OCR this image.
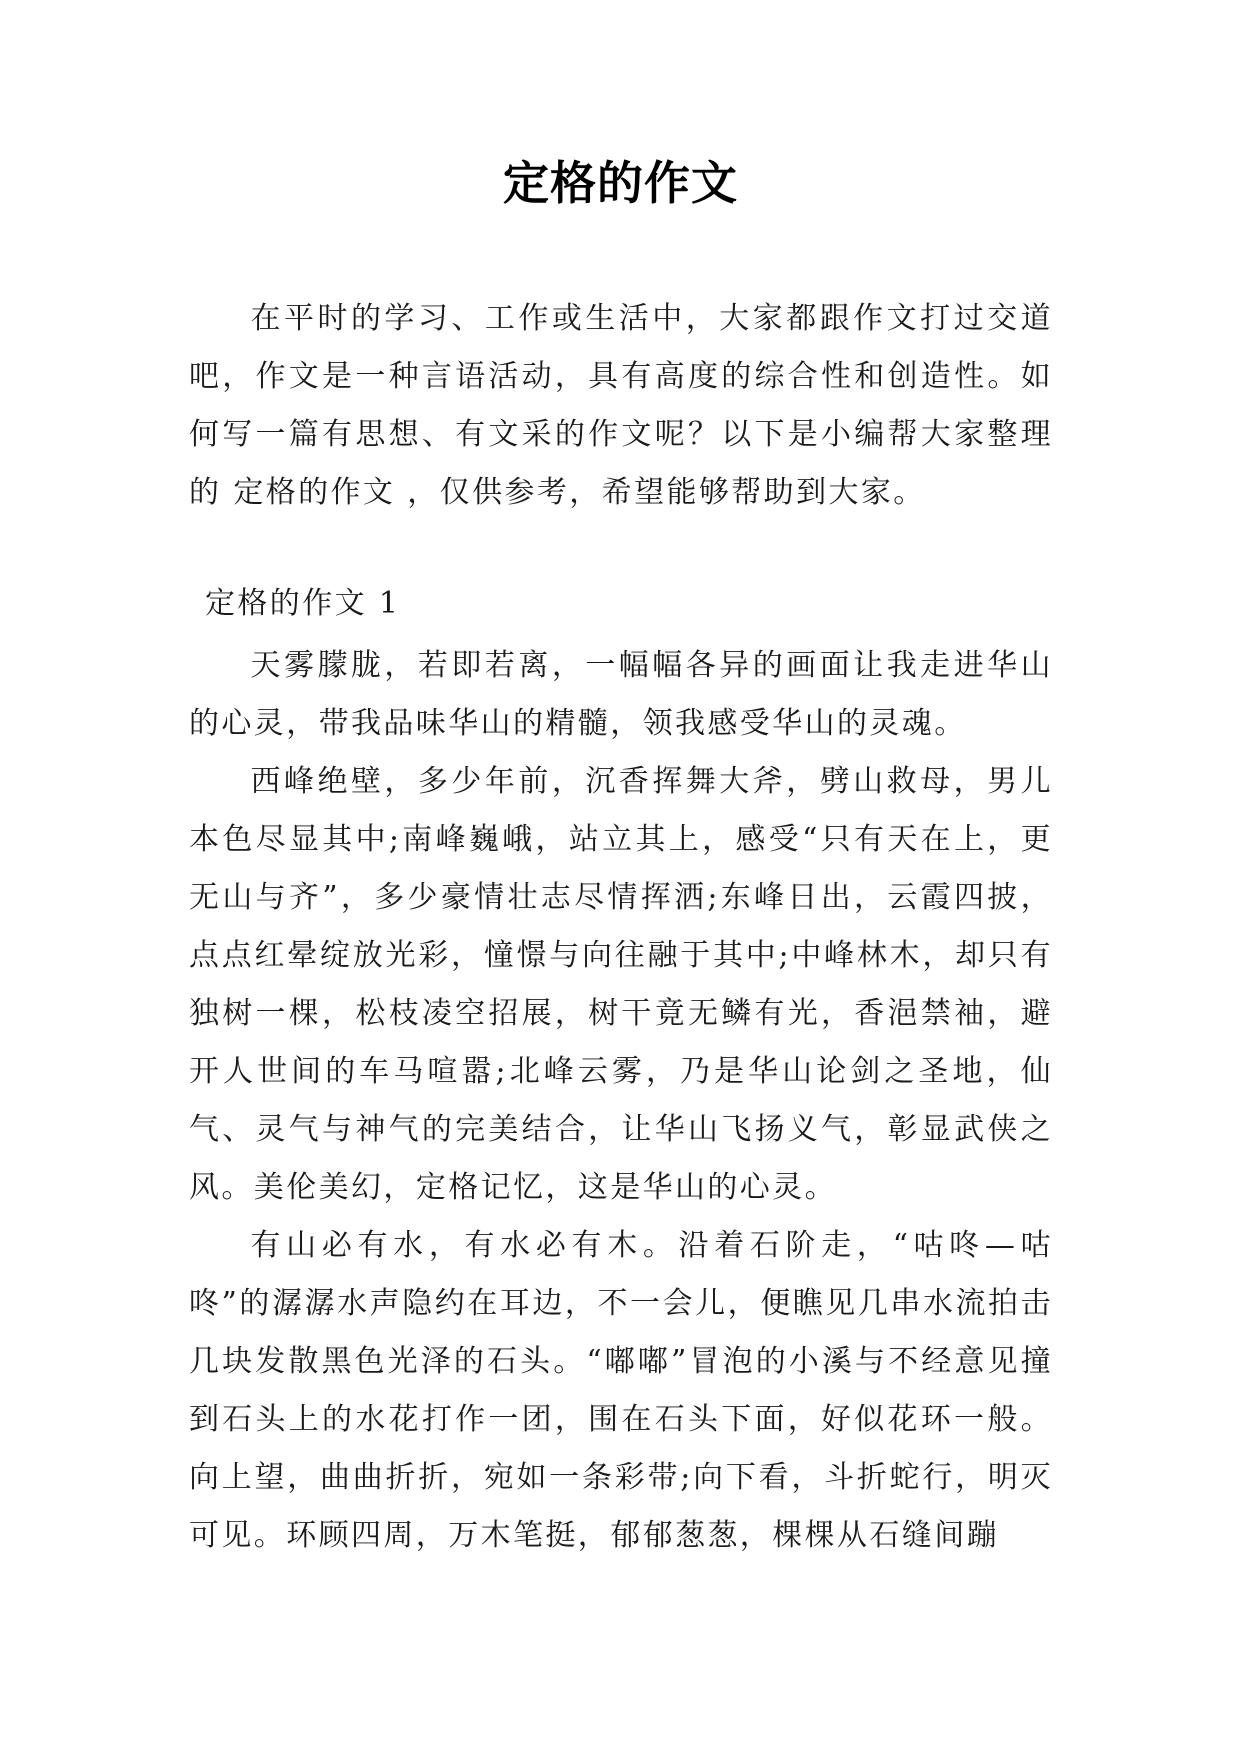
定格的作文

在平时的学习、工作或生活中，大家都跟作文打过交道吧，作文是一种言语活动，具有高度的综合性和创造性。如何写一篇有思想、有文采的作文呢？以下是小编帮大家整理的 定格的作文 ，仅供参考，希望能够帮助到大家。

定格的作文 1

天雾朦胧，若即若离，一幅幅各异的画面让我走进华山的心灵，带我品味华山的精髓，领我感受华山的灵魂。

西峰绝壁，多少年前，沉香挥舞大斧，劈山救母，男儿本色尽显其中;南峰巍峨，站立其上，感受“只有天在上，更无山与齐”，多少豪情壮志尽情挥洒;东峰日出，云霞四披，点点红晕绽放光彩，憧憬与向往融于其中;中峰林木，却只有独树一棵，松枝凌空招展，树干竟无鳞有光，香浥禁袖，避开人世间的车马喧嚣;北峰云雾，乃是华山论剑之圣地，仙气、灵气与神气的完美结合，让华山飞扬义气，彰显武侠之风。美伦美幻，定格记忆，这是华山的心灵。

有山必有水，有水必有木。沿着石阶走，“咕咚—咕咚”的潺潺水声隐约在耳边，不一会儿，便瞧见几串水流拍击几块发散黑色光泽的石头。“嘟嘟”冒泡的小溪与不经意见撞到石头上的水花打作一团，围在石头下面，好似花环一般。向上望，曲曲折折，宛如一条彩带;向下看，斗折蛇行，明灭可见。环顾四周，万木笔挺，郁郁葱葱，棵棵从石缝间蹦
